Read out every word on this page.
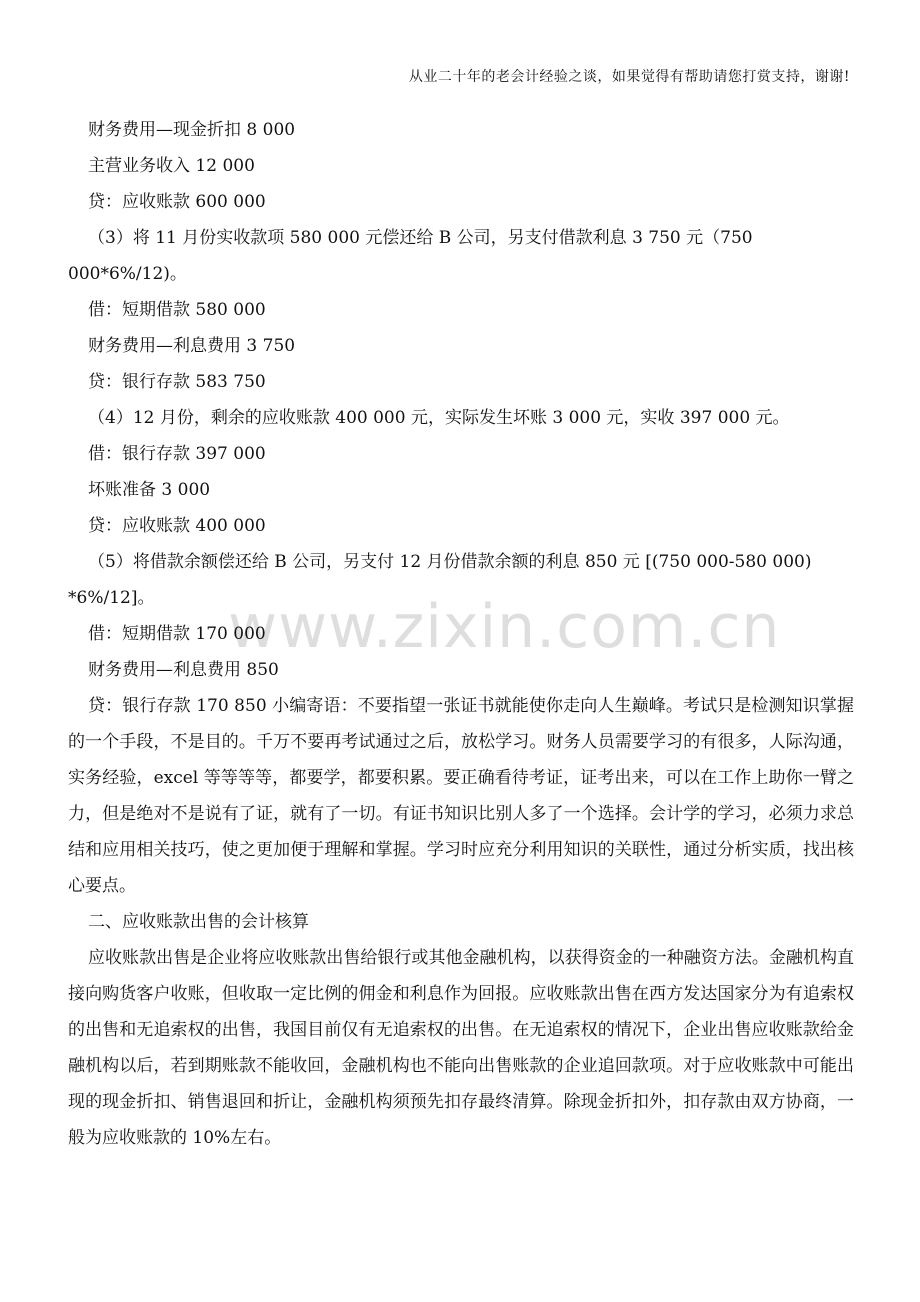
从业二十年的老会计经验之谈，如果觉得有帮助请您打赏支持，谢谢!
www.zixin.com.cn
财务费用—现金折扣 8 000
主营业务收入 12 000
贷：应收账款 600 000
（3）将 11 月份实收款项 580 000 元偿还给 B 公司，另支付借款利息 3 750 元（750
000*6%/12)。
借：短期借款 580 000
财务费用—利息费用 3 750
贷：银行存款 583 750
（4）12 月份，剩余的应收账款 400 000 元，实际发生坏账 3 000 元，实收 397 000 元。
借：银行存款 397 000
坏账准备 3 000
贷：应收账款 400 000
（5）将借款余额偿还给 B 公司，另支付 12 月份借款余额的利息 850 元 [(750 000-580 000)
*6%/12]。
借：短期借款 170 000
财务费用—利息费用 850

贷：银行存款 170 850 小编寄语：不要指望一张证书就能使你走向人生巅峰。考试只是检测知识掌握的一个手段，不是目的。千万不要再考试通过之后，放松学习。财务人员需要学习的有很多，人际沟通，实务经验，excel 等等等等，都要学，都要积累。要正确看待考证，证考出来，可以在工作上助你一臂之力，但是绝对不是说有了证，就有了一切。有证书知识比别人多了一个选择。会计学的学习，必须力求总结和应用相关技巧，使之更加便于理解和掌握。学习时应充分利用知识的关联性，通过分析实质，找出核心要点。

二、应收账款出售的会计核算

应收账款出售是企业将应收账款出售给银行或其他金融机构，以获得资金的一种融资方法。金融机构直接向购货客户收账，但收取一定比例的佣金和利息作为回报。应收账款出售在西方发达国家分为有追索权的出售和无追索权的出售，我国目前仅有无追索权的出售。在无追索权的情况下，企业出售应收账款给金融机构以后，若到期账款不能收回，金融机构也不能向出售账款的企业追回款项。对于应收账款中可能出现的现金折扣、销售退回和折让，金融机构须预先扣存最终清算。除现金折扣外，扣存款由双方协商，一般为应收账款的 10%左右。
